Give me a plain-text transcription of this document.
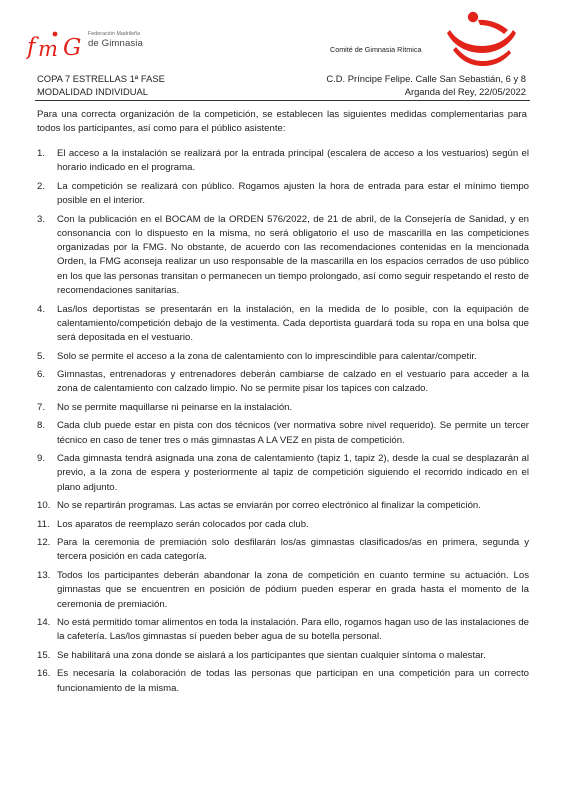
f m G
Federación Madrileña
de Gimnasia
Comité de Gimnasia Rítmica
COPA 7 ESTRELLAS 1ª FASE
MODALIDAD INDIVIDUAL
C.D. Príncipe Felipe. Calle San Sebastián, 6 y 8
Arganda del Rey, 22/05/2022

Para una correcta organización de la competición, se establecen las siguientes medidas complementarias para todos los participantes, así como para el público asistente:

1. El acceso a la instalación se realizará por la entrada principal (escalera de acceso a los vestuarios) según el horario indicado en el programa.
2. La competición se realizará con público. Rogamos ajusten la hora de entrada para estar el mínimo tiempo posible en el interior.
3. Con la publicación en el BOCAM de la ORDEN 576/2022, de 21 de abril, de la Consejería de Sanidad, y en consonancia con lo dispuesto en la misma, no será obligatorio el uso de mascarilla en las competiciones organizadas por la FMG. No obstante, de acuerdo con las recomendaciones contenidas en la mencionada Orden, la FMG aconseja realizar un uso responsable de la mascarilla en los espacios cerrados de uso público en los que las personas transitan o permanecen un tiempo prolongado, así como seguir respetando el resto de recomendaciones sanitarias.
4. Las/los deportistas se presentarán en la instalación, en la medida de lo posible, con la equipación de calentamiento/competición debajo de la vestimenta. Cada deportista guardará toda su ropa en una bolsa que será depositada en el vestuario.
5. Solo se permite el acceso a la zona de calentamiento con lo imprescindible para calentar/competir.
6. Gimnastas, entrenadoras y entrenadores deberán cambiarse de calzado en el vestuario para acceder a la zona de calentamiento con calzado limpio. No se permite pisar los tapices con calzado.
7. No se permite maquillarse ni peinarse en la instalación.
8. Cada club puede estar en pista con dos técnicos (ver normativa sobre nivel requerido). Se permite un tercer técnico en caso de tener tres o más gimnastas A LA VEZ en pista de competición.
9. Cada gimnasta tendrá asignada una zona de calentamiento (tapiz 1, tapiz 2), desde la cual se desplazarán al previo, a la zona de espera y posteriormente al tapiz de competición siguiendo el recorrido indicado en el plano adjunto.
10. No se repartirán programas. Las actas se enviarán por correo electrónico al finalizar la competición.
11. Los aparatos de reemplazo serán colocados por cada club.
12. Para la ceremonia de premiación solo desfilarán los/as gimnastas clasificados/as en primera, segunda y tercera posición en cada categoría.
13. Todos los participantes deberán abandonar la zona de competición en cuanto termine su actuación. Los gimnastas que se encuentren en posición de pódium pueden esperar en grada hasta el momento de la ceremonia de premiación.
14. No está permitido tomar alimentos en toda la instalación. Para ello, rogamos hagan uso de las instalaciones de la cafetería. Las/los gimnastas sí pueden beber agua de su botella personal.
15. Se habilitará una zona donde se aislará a los participantes que sientan cualquier síntoma o malestar.
16. Es necesaria la colaboración de todas las personas que participan en una competición para un correcto funcionamiento de la misma.
